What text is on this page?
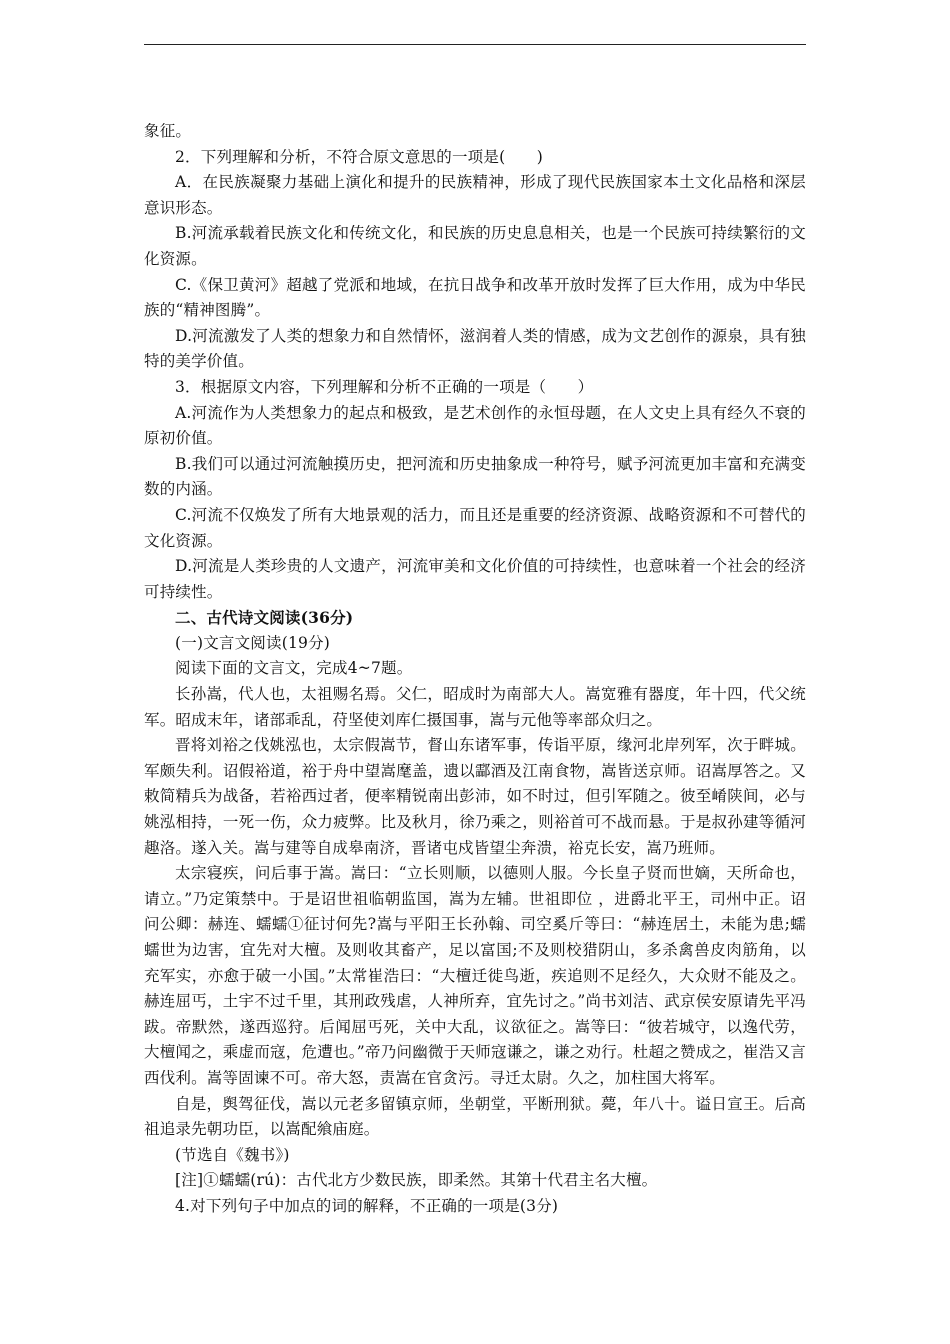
象征。

2．下列理解和分析，不符合原文意思的一项是(　　)

A．在民族凝聚力基础上演化和提升的民族精神，形成了现代民族国家本土文化品格和深层意识形态。

B.河流承载着民族文化和传统文化，和民族的历史息息相关，也是一个民族可持续繁衍的文化资源。

C.《保卫黄河》超越了党派和地域，在抗日战争和改革开放时发挥了巨大作用，成为中华民族的“精神图腾”。

D.河流激发了人类的想象力和自然情怀，滋润着人类的情感，成为文艺创作的源泉，具有独特的美学价值。

3．根据原文内容，下列理解和分析不正确的一项是（　　）

A.河流作为人类想象力的起点和极致，是艺术创作的永恒母题，在人文史上具有经久不衰的原初价值。

B.我们可以通过河流触摸历史，把河流和历史抽象成一种符号，赋予河流更加丰富和充满变数的内涵。

C.河流不仅焕发了所有大地景观的活力，而且还是重要的经济资源、战略资源和不可替代的文化资源。

D.河流是人类珍贵的人文遗产，河流审美和文化价值的可持续性，也意味着一个社会的经济可持续性。

二、古代诗文阅读(36分)

(一)文言文阅读(19分)

阅读下面的文言文，完成4~7题。

长孙嵩，代人也，太祖赐名焉。父仁，昭成时为南部大人。嵩宽雅有器度，年十四，代父统军。昭成末年，诸部乖乱，苻坚使刘库仁摄国事，嵩与元他等率部众归之。

晋将刘裕之伐姚泓也，太宗假嵩节，督山东诸军事，传诣平原，缘河北岸列军，次于畔城。军颇失利。诏假裕道，裕于舟中望嵩麾盖，遗以酃酒及江南食物，嵩皆送京师。诏嵩厚答之。又敕简精兵为战备，若裕西过者，便率精锐南出彭沛，如不时过，但引军随之。彼至崤陕间，必与姚泓相持，一死一伤，众力疲弊。比及秋月，徐乃乘之，则裕首可不战而悬。于是叔孙建等循河趣洛。遂入关。嵩与建等自成皋南济，晋诸屯戍皆望尘奔溃，裕克长安，嵩乃班师。

太宗寝疾，问后事于嵩。嵩曰：“立长则顺，以德则人服。今长皇子贤而世嫡，天所命也，请立。”乃定策禁中。于是诏世祖临朝监国，嵩为左辅。世祖即位 ，进爵北平王，司州中正。诏问公卿：赫连、蠕蠕①征讨何先?嵩与平阳王长孙翰、司空奚斤等曰：“赫连居土，未能为患;蠕蠕世为边害，宜先对大檀。及则收其畜产，足以富国;不及则校猎阴山，多杀禽兽皮肉筋角，以充军实，亦愈于破一小国。”太常崔浩曰：“大檀迁徙鸟逝，疾追则不足经久，大众财不能及之。赫连屈丐，土宇不过千里，其刑政残虐，人神所弃，宜先讨之。”尚书刘洁、武京侯安原请先平冯跋。帝默然，遂西巡狩。后闻屈丐死，关中大乱，议欲征之。嵩等曰：“彼若城守，以逸代劳，大檀闻之，乘虚而寇，危遭也。”帝乃问幽微于天师寇谦之，谦之劝行。杜超之赞成之，崔浩又言西伐利。嵩等固谏不可。帝大怒，责嵩在官贪污。寻迁太尉。久之，加柱国大将军。

自是，舆驾征伐，嵩以元老多留镇京师，坐朝堂，平断刑狱。薨，年八十。谥日宣王。后高祖追录先朝功臣，以嵩配飨庙庭。

(节选自《魏书》)

[注]①蠕蠕(rú)：古代北方少数民族，即柔然。其第十代君主名大檀。

4.对下列句子中加点的词的解释，不正确的一项是(3分)
